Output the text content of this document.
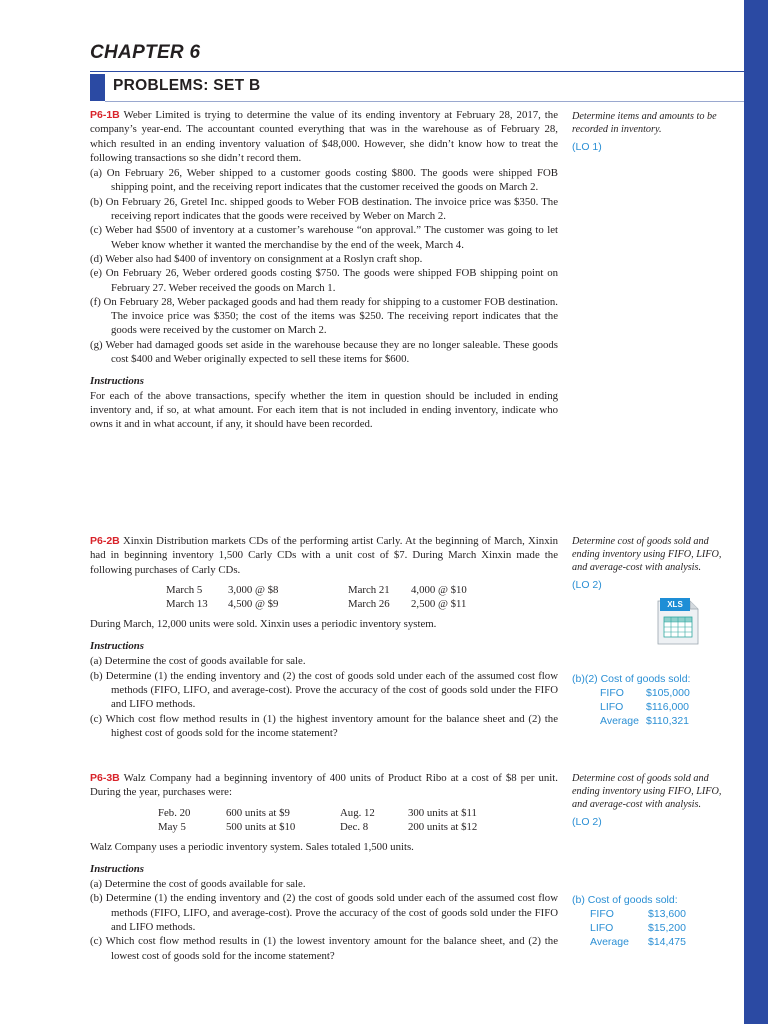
CHAPTER 6
PROBLEMS: SET B

P6-1B Weber Limited is trying to determine the value of its ending inventory at February 28, 2017, the company’s year-end. The accountant counted everything that was in the warehouse as of February 28, which resulted in an ending inventory valuation of $48,000. However, she didn’t know how to treat the following transactions so she didn’t record them.

(a) On February 26, Weber shipped to a customer goods costing $800. The goods were shipped FOB shipping point, and the receiving report indicates that the customer received the goods on March 2.
(b) On February 26, Gretel Inc. shipped goods to Weber FOB destination. The invoice price was $350. The receiving report indicates that the goods were received by Weber on March 2.
(c) Weber had $500 of inventory at a customer’s warehouse “on approval.” The customer was going to let Weber know whether it wanted the merchandise by the end of the week, March 4.
(d) Weber also had $400 of inventory on consignment at a Roslyn craft shop.
(e) On February 26, Weber ordered goods costing $750. The goods were shipped FOB shipping point on February 27. Weber received the goods on March 1.
(f) On February 28, Weber packaged goods and had them ready for shipping to a customer FOB destination. The invoice price was $350; the cost of the items was $250. The receiving report indicates that the goods were received by the customer on March 2.
(g) Weber had damaged goods set aside in the warehouse because they are no longer saleable. These goods cost $400 and Weber originally expected to sell these items for $600.

Instructions

For each of the above transactions, specify whether the item in question should be included in ending inventory and, if so, at what amount. For each item that is not included in ending inventory, indicate who owns it and in what account, if any, it should have been recorded.

Determine items and amounts to be recorded in inventory.
(LO 1)

P6-2B Xinxin Distribution markets CDs of the performing artist Carly. At the beginning of March, Xinxin had in beginning inventory 1,500 Carly CDs with a unit cost of $7. During March Xinxin made the following purchases of Carly CDs.

March 5	3,000 @ $8	March 21	4,000 @ $10
March 13	4,500 @ $9	March 26	2,500 @ $11

During March, 12,000 units were sold. Xinxin uses a periodic inventory system.

Instructions

(a) Determine the cost of goods available for sale.
(b) Determine (1) the ending inventory and (2) the cost of goods sold under each of the assumed cost flow methods (FIFO, LIFO, and average-cost). Prove the accuracy of the cost of goods sold under the FIFO and LIFO methods.
(c) Which cost flow method results in (1) the highest inventory amount for the balance sheet and (2) the highest cost of goods sold for the income statement?
Determine cost of goods sold and ending inventory using FIFO, LIFO, and average-cost with analysis.
(LO 2)
XLS
(b)(2) Cost of goods sold:
FIFO $105,000
LIFO $116,000
Average $110,321

P6-3B Walz Company had a beginning inventory of 400 units of Product Ribo at a cost of $8 per unit. During the year, purchases were:

Feb. 20	600 units at $9	Aug. 12	300 units at $11
May 5	500 units at $10	Dec. 8	200 units at $12

Walz Company uses a periodic inventory system. Sales totaled 1,500 units.

Instructions

(a) Determine the cost of goods available for sale.
(b) Determine (1) the ending inventory and (2) the cost of goods sold under each of the assumed cost flow methods (FIFO, LIFO, and average-cost). Prove the accuracy of the cost of goods sold under the FIFO and LIFO methods.
(c) Which cost flow method results in (1) the lowest inventory amount for the balance sheet, and (2) the lowest cost of goods sold for the income statement?
Determine cost of goods sold and ending inventory using FIFO, LIFO, and average-cost with analysis.
(LO 2)
(b) Cost of goods sold:
FIFO	$13,600
LIFO	$15,200
Average $14,475
